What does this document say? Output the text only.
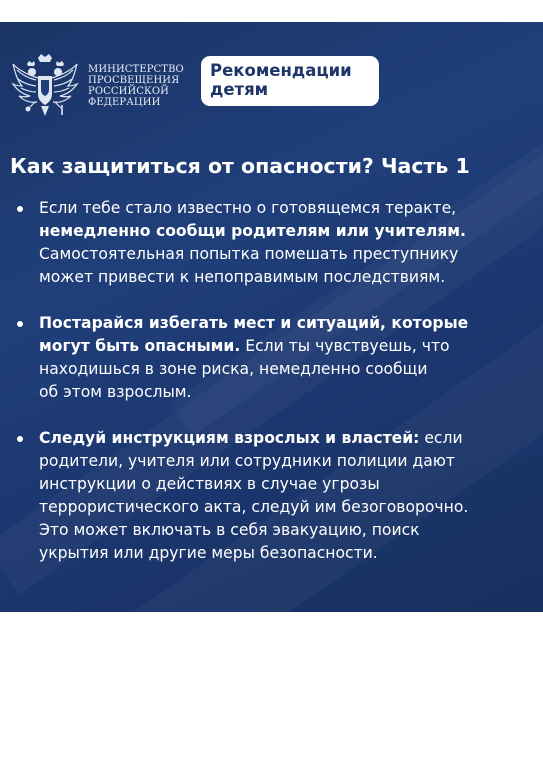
МИНИСТЕРСТВО
ПРОСВЕЩЕНИЯ
РОССИЙСКОЙ
ФЕДЕРАЦИИ
Рекомендации
детям
Как защититься от опасности? Часть 1
Если тебе стало известно о готовящемся теракте,
немедленно сообщи родителям или учителям.
Самостоятельная попытка помешать преступнику
может привести к непоправимым последствиям.
Постарайся избегать мест и ситуаций, которые
могут быть опасными. Если ты чувствуешь, что
находишься в зоне риска, немедленно сообщи
об этом взрослым.
Следуй инструкциям взрослых и властей: если
родители, учителя или сотрудники полиции дают
инструкции о действиях в случае угрозы
террористического акта, следуй им безоговорочно.
Это может включать в себя эвакуацию, поиск
укрытия или другие меры безопасности.
